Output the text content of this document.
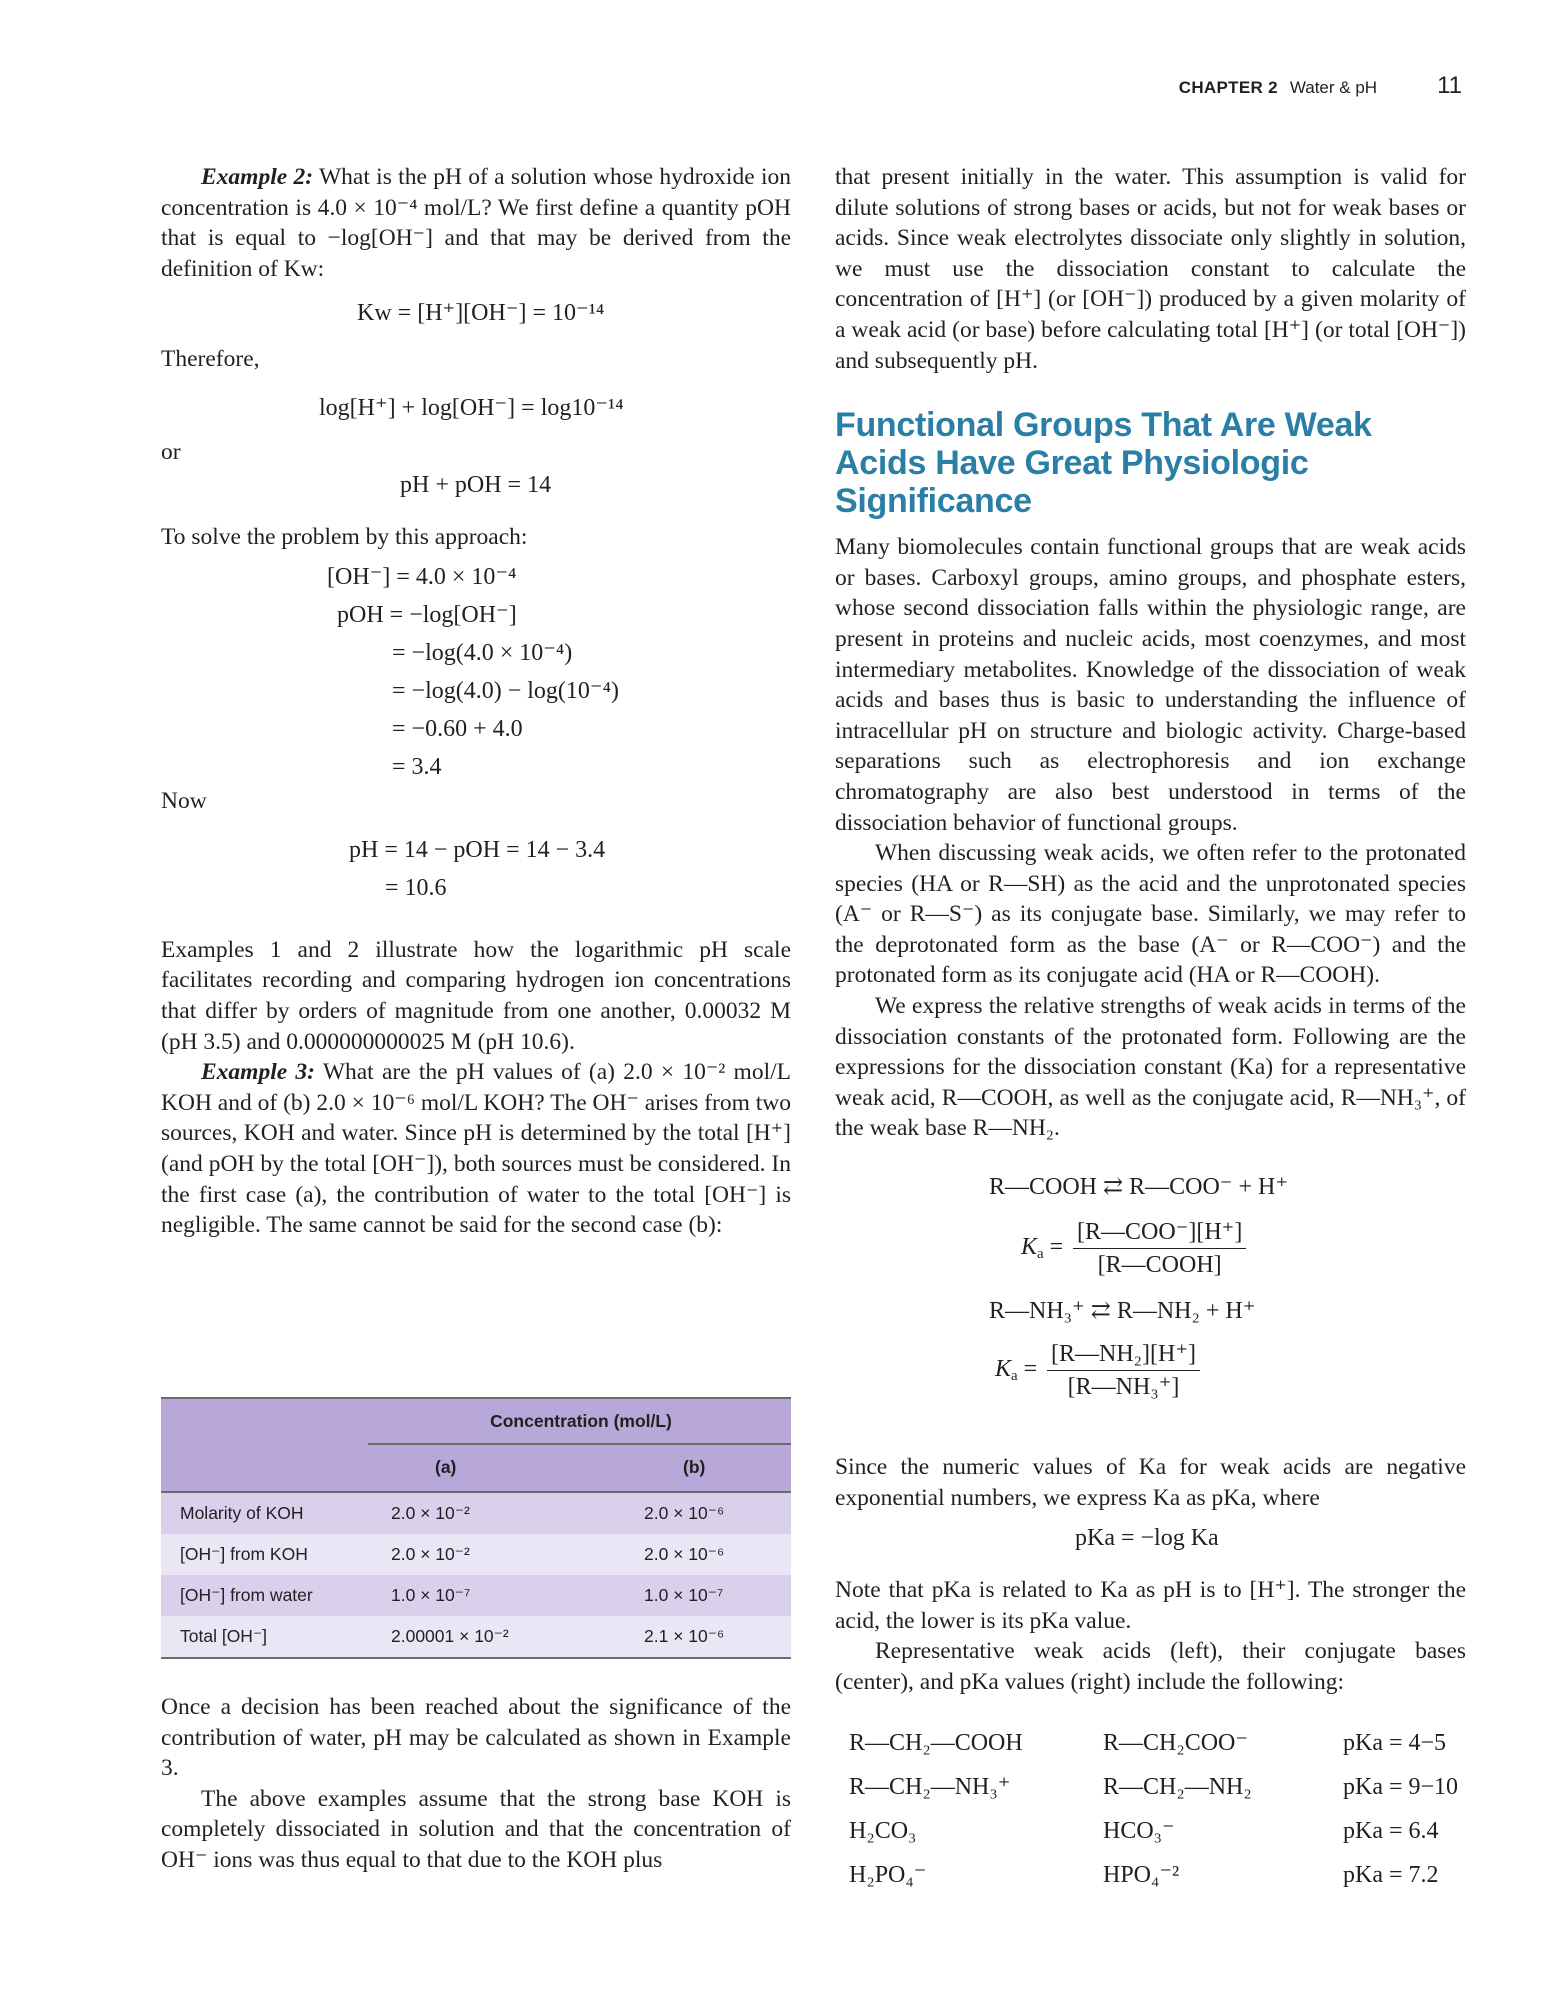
CHAPTER 2 Water & pH	11

Example 2: What is the pH of a solution whose hydroxide ion concentration is 4.0 × 10⁻⁴ mol/L? We first define a quantity pOH that is equal to −log[OH⁻] and that may be derived from the definition of Kw:

Kw = [H⁺][OH⁻] = 10⁻¹⁴

Therefore,

log[H⁺] + log[OH⁻] = log10⁻¹⁴

or

pH + pOH = 14

To solve the problem by this approach:

[OH⁻] = 4.0 × 10⁻⁴
pOH = −log[OH⁻]
= −log(4.0 × 10⁻⁴)
= −log(4.0) − log(10⁻⁴)
= −0.60 + 4.0
= 3.4

Now

pH = 14 − pOH = 14 − 3.4
= 10.6

Examples 1 and 2 illustrate how the logarithmic pH scale facilitates recording and comparing hydrogen ion concentrations that differ by orders of magnitude from one another, 0.00032 M (pH 3.5) and 0.000000000025 M (pH 10.6).

Example 3: What are the pH values of (a) 2.0 × 10⁻² mol/L KOH and of (b) 2.0 × 10⁻⁶ mol/L KOH? The OH⁻ arises from two sources, KOH and water. Since pH is determined by the total [H⁺] (and pOH by the total [OH⁻]), both sources must be considered. In the first case (a), the contribution of water to the total [OH⁻] is negligible. The same cannot be said for the second case (b):

Concentration (mol/L)
(a)	(b)
Molarity of KOH	2.0 × 10⁻²	2.0 × 10⁻⁶
[OH⁻] from KOH	2.0 × 10⁻²	2.0 × 10⁻⁶
[OH⁻] from water	1.0 × 10⁻⁷	1.0 × 10⁻⁷
Total [OH⁻]	2.00001 × 10⁻²	2.1 × 10⁻⁶

Once a decision has been reached about the significance of the contribution of water, pH may be calculated as shown in Example 3.

The above examples assume that the strong base KOH is completely dissociated in solution and that the concentration of OH⁻ ions was thus equal to that due to the KOH plus

that present initially in the water. This assumption is valid for dilute solutions of strong bases or acids, but not for weak bases or acids. Since weak electrolytes dissociate only slightly in solution, we must use the dissociation constant to calculate the concentration of [H⁺] (or [OH⁻]) produced by a given molarity of a weak acid (or base) before calculating total [H⁺] (or total [OH⁻]) and subsequently pH.

Functional Groups That Are Weak Acids Have Great Physiologic Significance

Many biomolecules contain functional groups that are weak acids or bases. Carboxyl groups, amino groups, and phosphate esters, whose second dissociation falls within the physiologic range, are present in proteins and nucleic acids, most coenzymes, and most intermediary metabolites. Knowledge of the dissociation of weak acids and bases thus is basic to understanding the influence of intracellular pH on structure and biologic activity. Charge-based separations such as electrophoresis and ion exchange chromatography are also best understood in terms of the dissociation behavior of functional groups.

When discussing weak acids, we often refer to the protonated species (HA or R—SH) as the acid and the unprotonated species (A⁻ or R—S⁻) as its conjugate base. Similarly, we may refer to the deprotonated form as the base (A⁻ or R—COO⁻) and the protonated form as its conjugate acid (HA or R—COOH).

We express the relative strengths of weak acids in terms of the dissociation constants of the protonated form. Following are the expressions for the dissociation constant (Ka) for a representative weak acid, R—COOH, as well as the conjugate acid, R—NH₃⁺, of the weak base R—NH₂.

R—COOH ⇄ R—COO⁻ + H⁺
$K_a$ =
[R—COO⁻][H⁺]
[R—COOH]
R—NH₃⁺ ⇄ R—NH₂ + H⁺
$K_a = \frac{\text{[R—NH₂][H⁺]}}{\text{[R—NH₃⁺]}}$

Since the numeric values of Ka for weak acids are negative exponential numbers, we express Ka as pKa, where

pKa = −log Ka

Note that pKa is related to Ka as pH is to [H⁺]. The stronger the acid, the lower is its pKa value.

Representative weak acids (left), their conjugate bases (center), and pKa values (right) include the following:

R—CH₂—COOH	R—CH₂COO⁻	pKa = 4−5
R—CH₂—NH₃⁺	R—CH₂—NH₂	pKa = 9−10
H₂CO₃	HCO₃⁻	pKa = 6.4
H₂PO₄⁻	HPO₄⁻²	pKa = 7.2
